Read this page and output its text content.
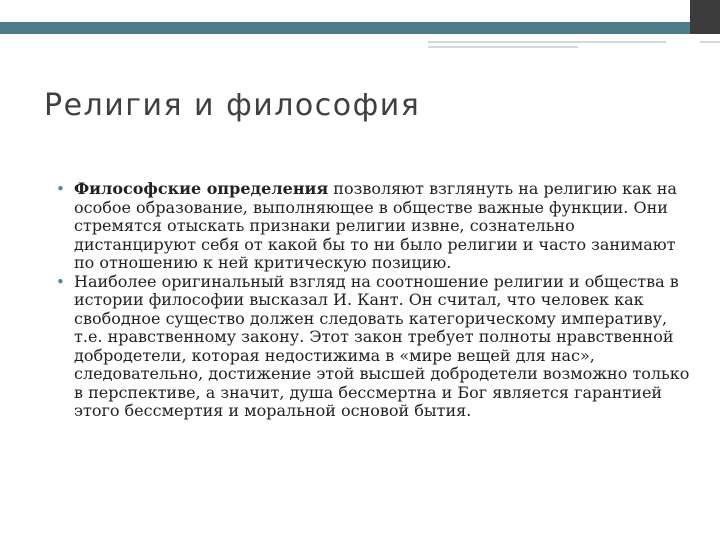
Религия и философия

• Философские определения позволяют взглянуть на религию как на особое образование, выполняющее в обществе важные функции. Они стремятся отыскать признаки религии извне, сознательно дистанцируют себя от какой бы то ни было религии и часто занимают по отношению к ней критическую позицию.

• Наиболее оригинальный взгляд на соотношение религии и общества в истории философии высказал И. Кант. Он считал, что человек как свободное существо должен следовать категорическому императиву, т.е. нравственному закону. Этот закон требует полноты нравственной добродетели, которая недостижима в «мире вещей для нас», следовательно, достижение этой высшей добродетели возможно только в перспективе, а значит, душа бессмертна и Бог является гарантией этого бессмертия и моральной основой бытия.
